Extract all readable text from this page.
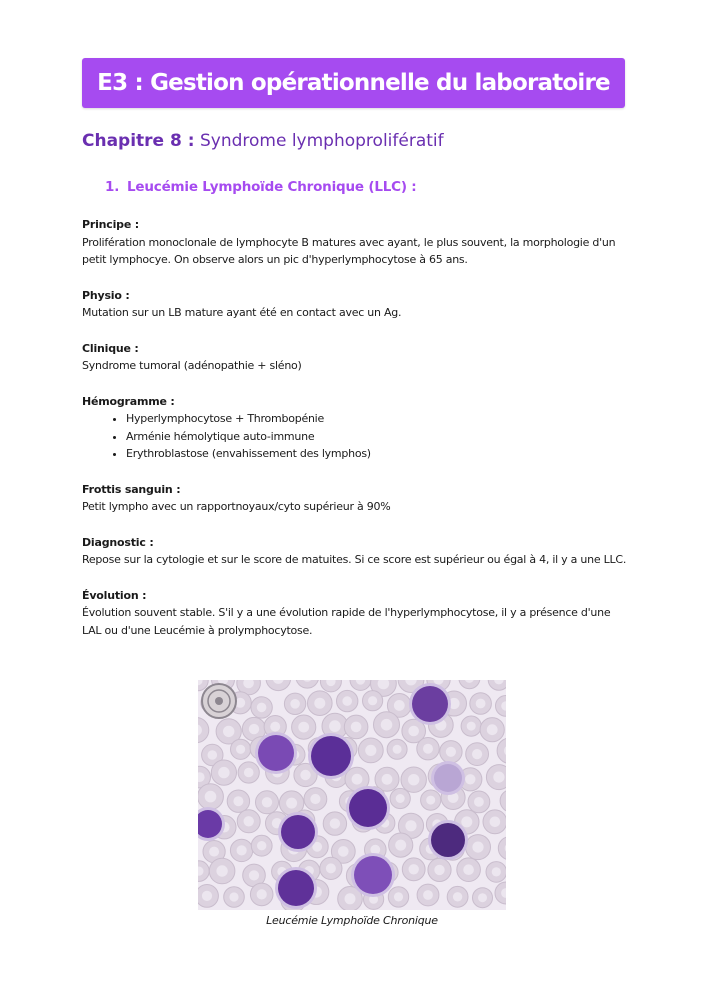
E3 : Gestion opérationnelle du laboratoire
Chapitre 8 : Syndrome lymphoprolifératif
1. Leucémie Lymphoïde Chronique (LLC) :
Principe :

Prolifération monoclonale de lymphocyte B matures avec ayant, le plus souvent, la morphologie d'un petit lymphocye. On observe alors un pic d'hyperlymphocytose à 65 ans.

Physio :

Mutation sur un LB mature ayant été en contact avec un Ag.

Clinique :

Syndrome tumoral (adénopathie + sléno)

Hémogramme :
• Hyperlymphocytose + Thrombopénie
• Arménie hémolytique auto-immune
• Erythroblastose (envahissement des lymphos)
Frottis sanguin :

Petit lympho avec un rapportnoyaux/cyto supérieur à 90%

Diagnostic :

Repose sur la cytologie et sur le score de matuites. Si ce score est supérieur ou égal à 4, il y a une LLC.

Évolution :

Évolution souvent stable. S'il y a une évolution rapide de l'hyperlymphocytose, il y a présence d'une LAL ou d'une Leucémie à prolymphocytose.

Leucémie Lymphoïde Chronique
